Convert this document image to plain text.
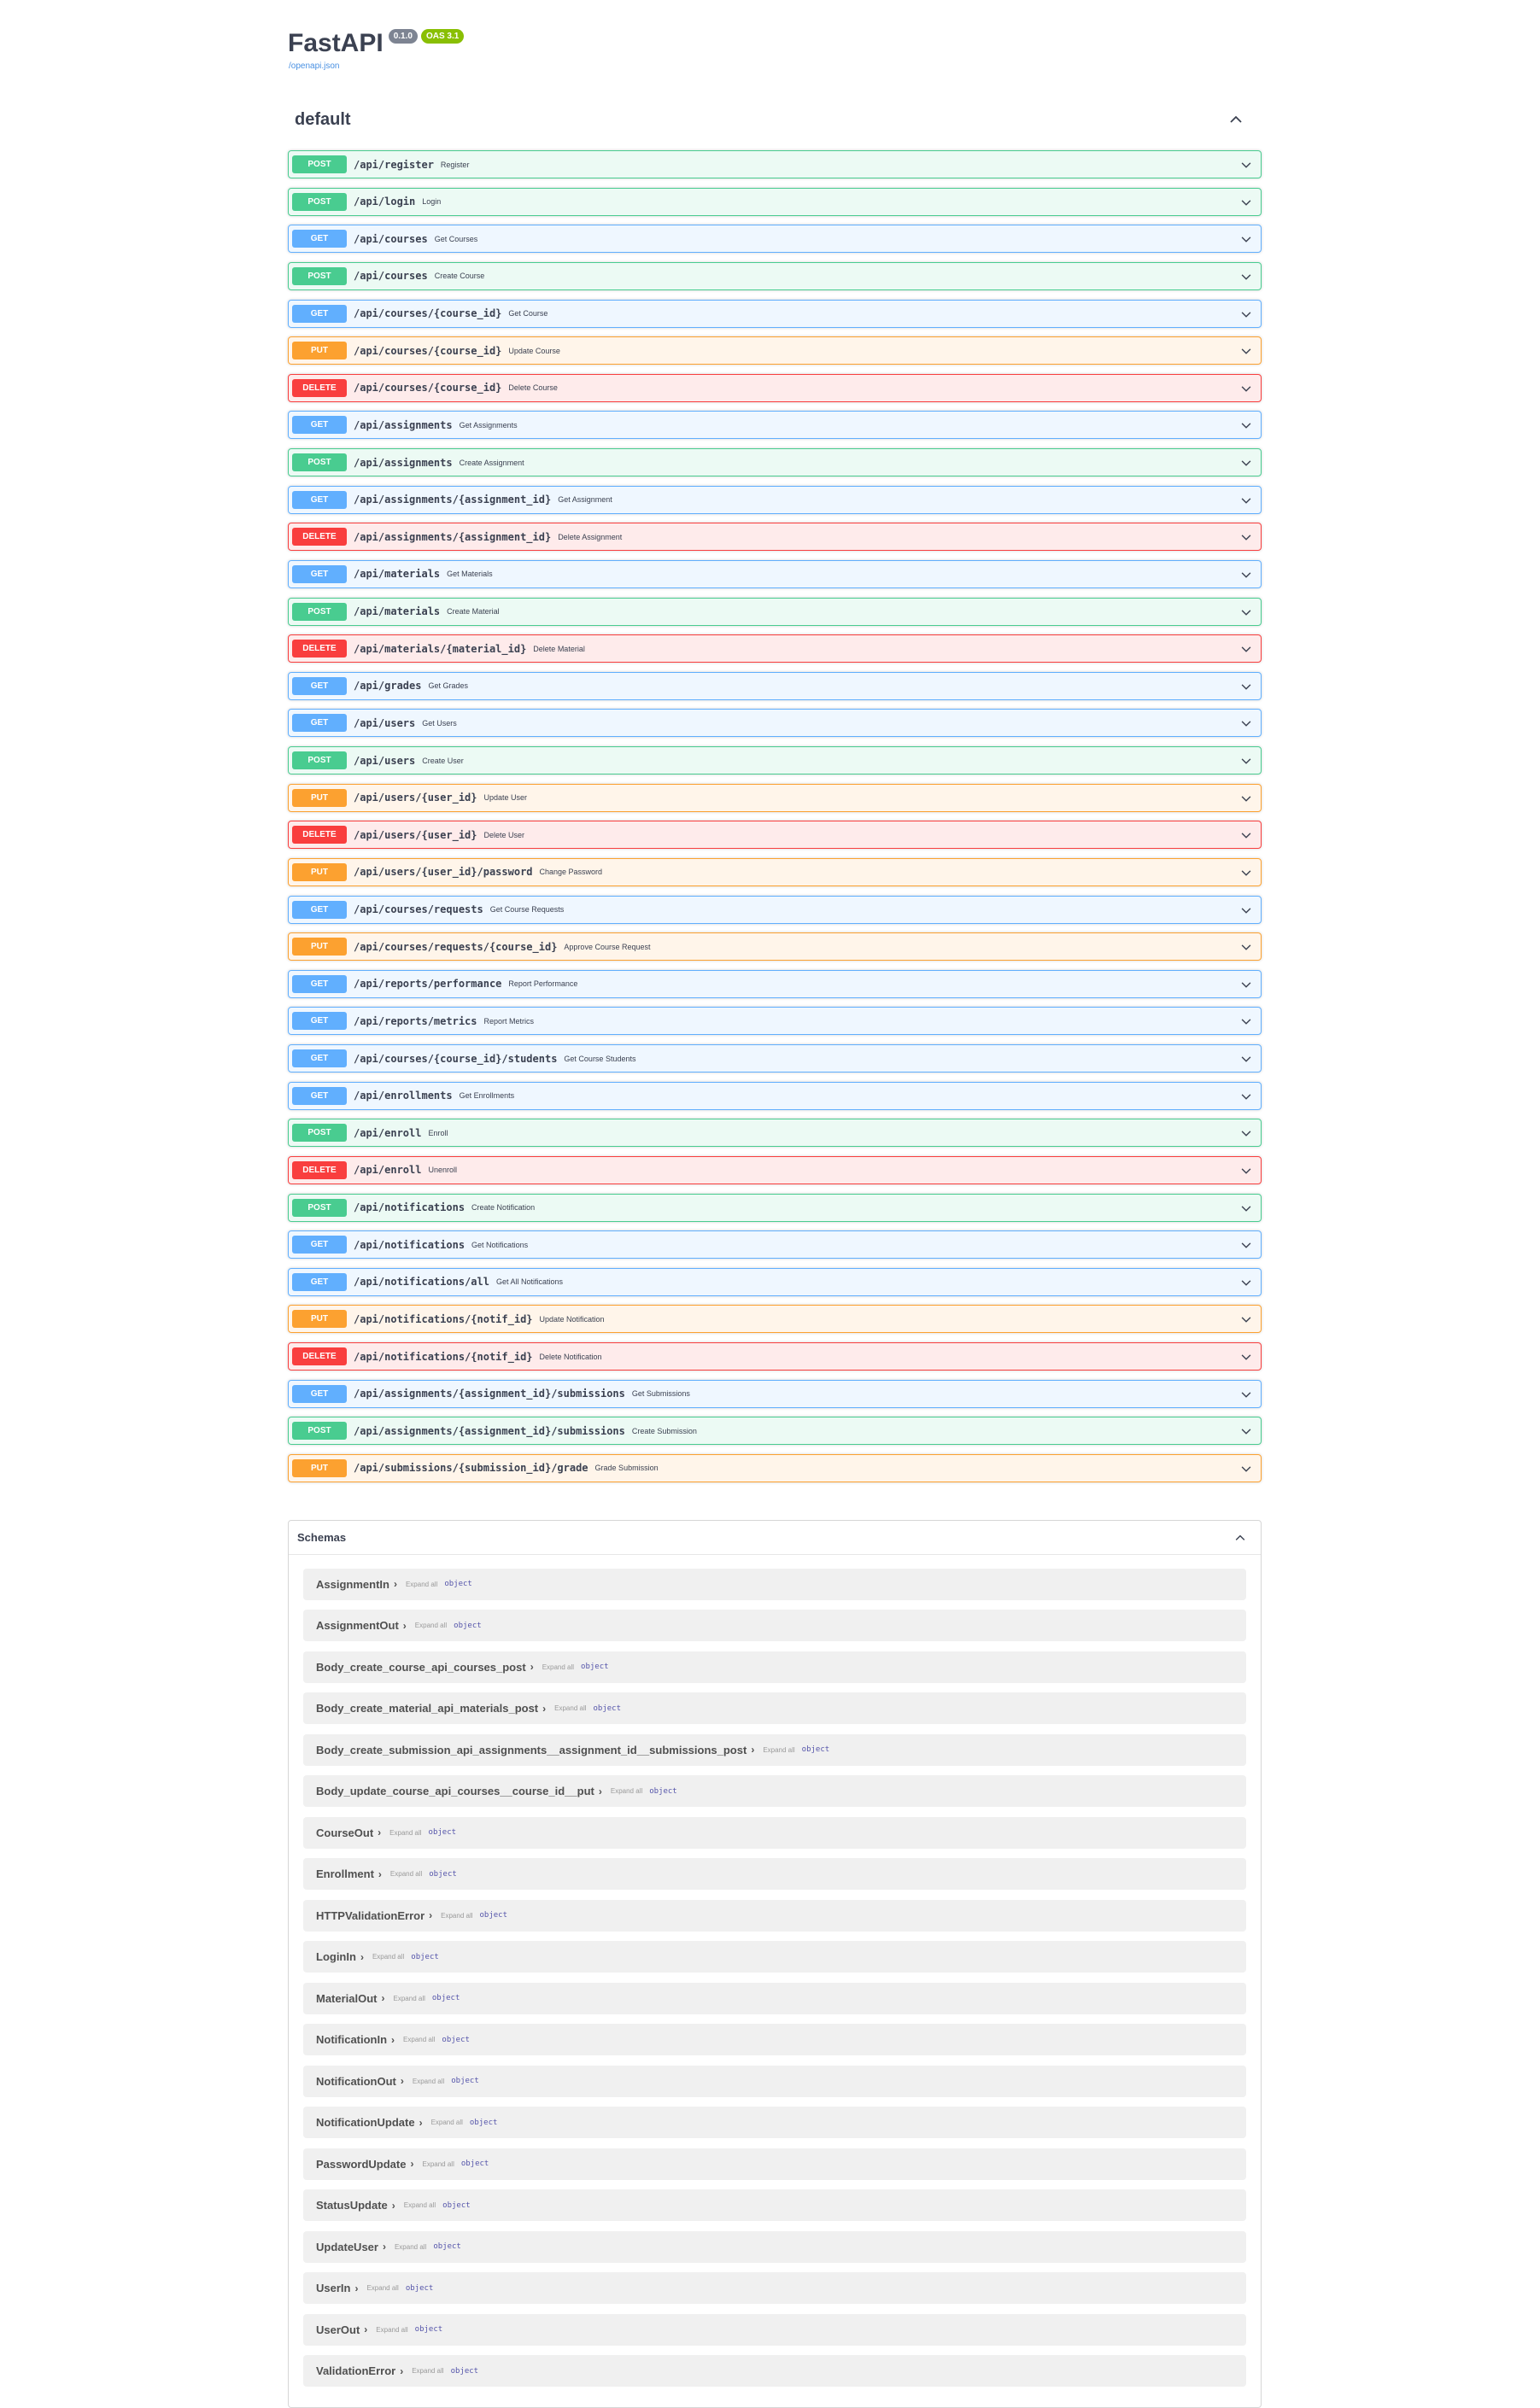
FastAPI	0.1.0	OAS 3.1
/openapi.json
default
POST	/api/register Register
POST	/api/login Login
GET	/api/courses Get Courses
POST	/api/courses Create Course
GET	/api/courses/{course_id} Get Course
PUT	/api/courses/{course_id} Update Course
DELETE	/api/courses/{course_id} Delete Course
GET	/api/assignments Get Assignments
POST	/api/assignments Create Assignment
GET	/api/assignments/{assignment_id} Get Assignment
DELETE	/api/assignments/{assignment_id} Delete Assignment
GET	/api/materials Get Materials
POST	/api/materials Create Material
DELETE	/api/materials/{material_id} Delete Material
GET	/api/grades Get Grades
GET	/api/users Get Users
POST	/api/users Create User
PUT	/api/users/{user_id} Update User
DELETE	/api/users/{user_id} Delete User
PUT	/api/users/{user_id}/password Change Password
GET	/api/courses/requests Get Course Requests
PUT	/api/courses/requests/{course_id} Approve Course Request
GET	/api/reports/performance Report Performance
GET	/api/reports/metrics Report Metrics
GET	/api/courses/{course_id}/students Get Course Students
GET	/api/enrollments Get Enrollments
POST	/api/enroll Enroll
DELETE	/api/enroll Unenroll
POST	/api/notifications Create Notification
GET	/api/notifications Get Notifications
GET	/api/notifications/all Get All Notifications
PUT	/api/notifications/{notif_id} Update Notification
DELETE	/api/notifications/{notif_id} Delete Notification
GET	/api/assignments/{assignment_id}/submissions Get Submissions
POST	/api/assignments/{assignment_id}/submissions Create Submission
PUT	/api/submissions/{submission_id}/grade Grade Submission
Schemas
AssignmentIn › Expand all object
AssignmentOut › Expand all object
Body_create_course_api_courses_post › Expand all object
Body_create_material_api_materials_post › Expand all object
Body_create_submission_api_assignments__assignment_id__submissions_post › Expand all object
Body_update_course_api_courses__course_id__put › Expand all object
CourseOut › Expand all object
Enrollment › Expand all object
HTTPValidationError › Expand all object
LoginIn › Expand all object
MaterialOut › Expand all object
NotificationIn › Expand all object
NotificationOut › Expand all object
NotificationUpdate › Expand all object
PasswordUpdate › Expand all object
StatusUpdate › Expand all object
UpdateUser › Expand all object
UserIn › Expand all object
UserOut › Expand all object
ValidationError › Expand all object
